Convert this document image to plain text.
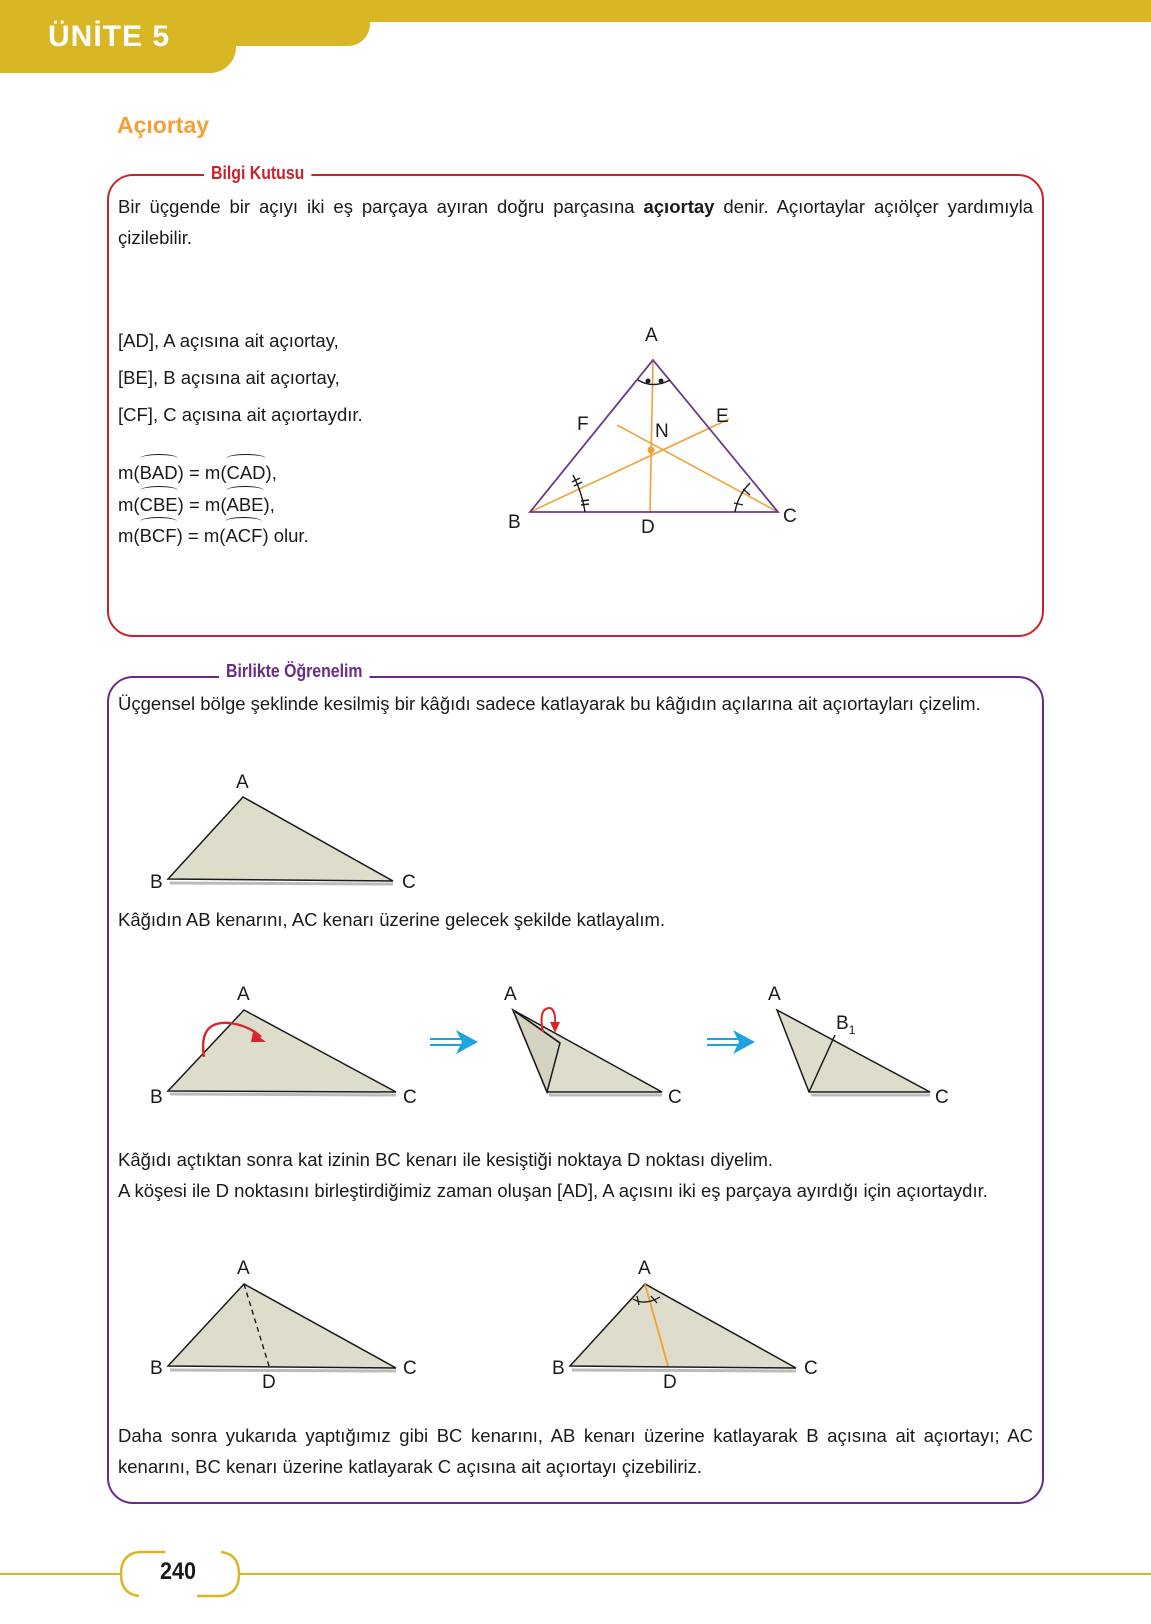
ÜNİTE 5
Açıortay
Bilgi Kutusu
Bir üçgende bir açıyı iki eş parçaya ayıran doğru parçasına açıortay denir. Açıortaylar açıölçer yardımıyla çizilebilir.
[AD], A açısına ait açıortay,
[BE], B açısına ait açıortay,
[CF], C açısına ait açıortaydır.
m(BAD) = m(CAD),
m(CBE) = m(ABE),
m(BCF) = m(ACF) olur.
A
B	C
D
E
F	N
Birlikte Öğrenelim
Üçgensel bölge şeklinde kesilmiş bir kâğıdı sadece katlayarak bu kâğıdın açılarına ait açıortayları çizelim.
A
B	C
Kâğıdın AB kenarını, AC kenarı üzerine gelecek şekilde katlayalım.
A
B	C
A
C
A
$B_1$
C
Kâğıdı açtıktan sonra kat izinin BC kenarı ile kesiştiği noktaya D noktası diyelim.
A köşesi ile D noktasını birleştirdiğimiz zaman oluşan [AD], A açısını iki eş parçaya ayırdığı için açıortaydır.
A
B	C
D
A
B	C
D
Daha sonra yukarıda yaptığımız gibi BC kenarını, AB kenarı üzerine katlayarak B açısına ait açıortayı; AC kenarını, BC kenarı üzerine katlayarak C açısına ait açıortayı çizebiliriz.
240
